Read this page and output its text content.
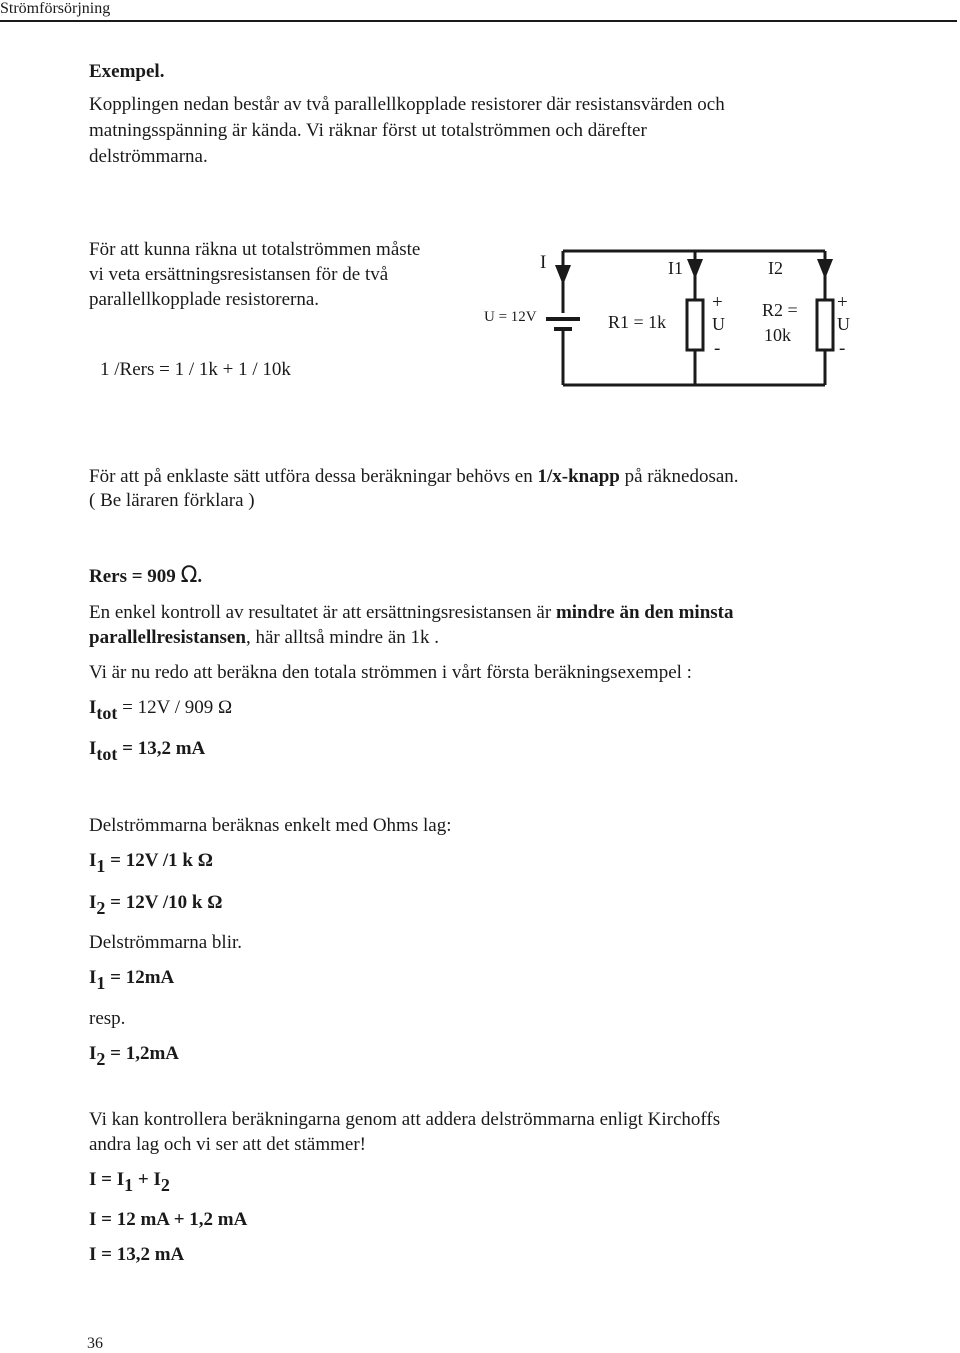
Strömförsörjning
Exempel.
Kopplingen nedan består av två parallellkopplade resistorer där resistansvärden och
matningsspänning är kända. Vi räknar först ut totalströmmen och därefter
delströmmarna.
För att kunna räkna ut totalströmmen måste
vi veta ersättningsresistansen för de två
parallellkopplade resistorerna.
1 /Rers = 1 / 1k + 1 / 10k
I
U = 12V
I1	I2
R1 = 1k
R2 =
10k
+
U
-
+
U
-
För att på enklaste sätt utföra dessa beräkningar behövs en 1/x-knapp på räknedosan.
( Be läraren förklara )
Rers = 909 Ω.
En enkel kontroll av resultatet är att ersättningsresistansen är mindre än den minsta
parallellresistansen, här alltså mindre än 1k .
Vi är nu redo att beräkna den totala strömmen i vårt första beräkningsexempel :
$I_{tot} = 12V / 909$ Ω
$I_{tot} = 13,2$ mA
Delströmmarna beräknas enkelt med Ohms lag:
$I_1 = 12V$ /1 k Ω
$I_2 = 12V$ /10 k Ω
Delströmmarna blir.
$I_1 = 12mA$
resp.
$I_2 = 1,2mA$
Vi kan kontrollera beräkningarna genom att addera delströmmarna enligt Kirchoffs
andra lag och vi ser att det stämmer!
$I = I_1 + I_2$
I = 12 mA + 1,2 mA
I = 13,2 mA
36
